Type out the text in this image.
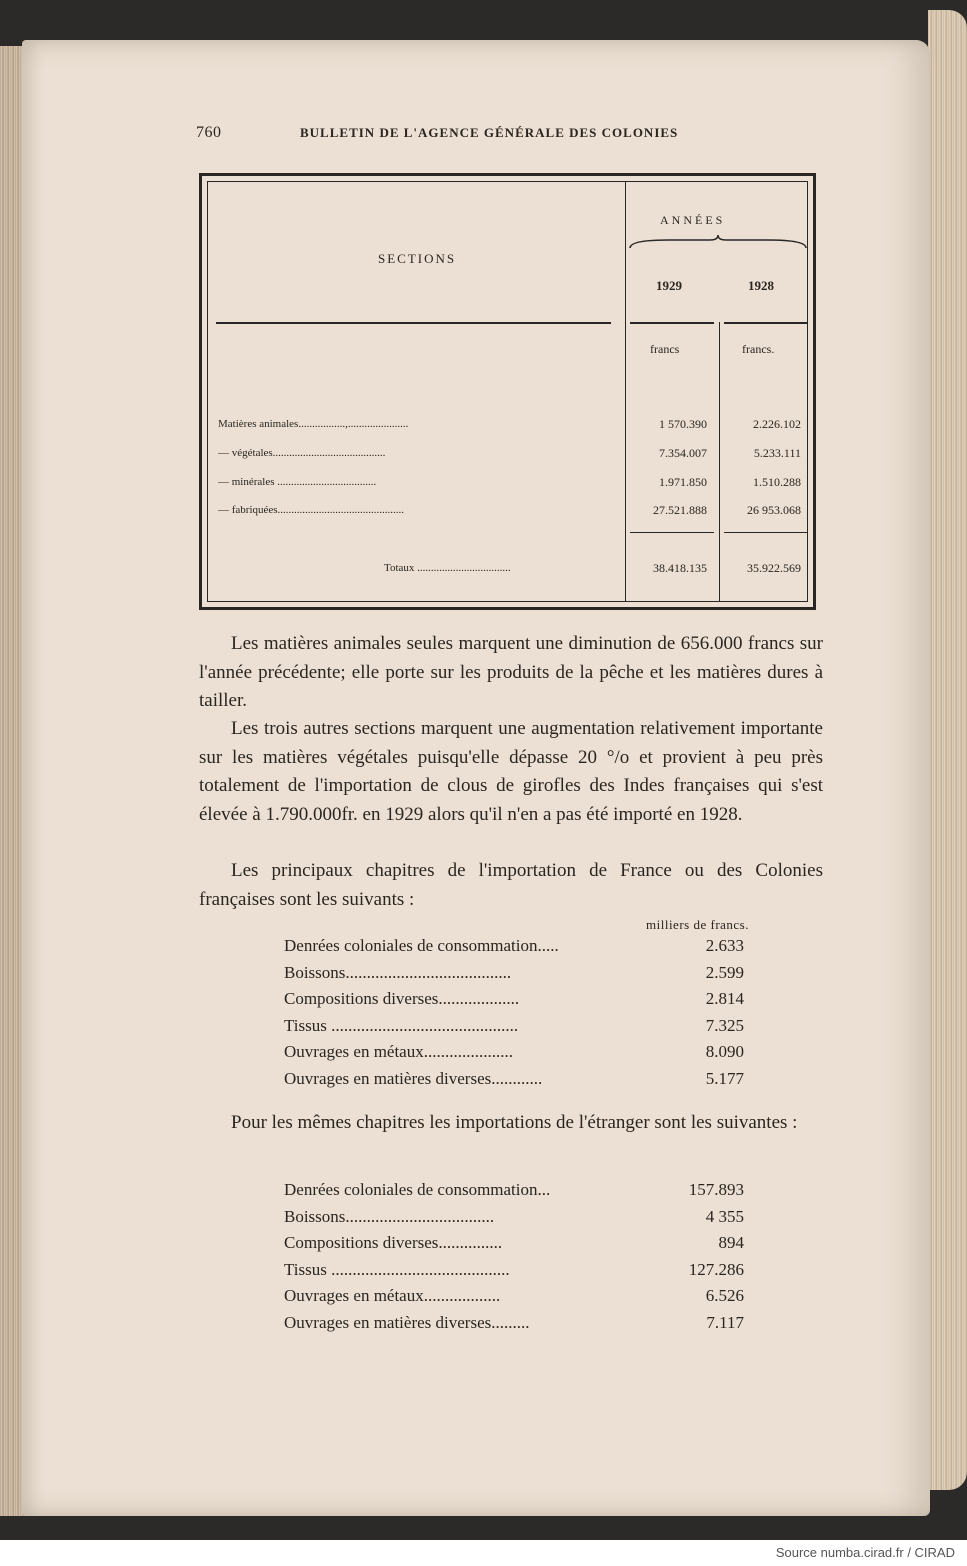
760	BULLETIN DE L'AGENCE GÉNÉRALE DES COLONIES
SECTIONS
ANNÉES
1929	1928
francs	francs.
Matières animales.................,......................	1 570.390	2.226.102
— végétales.........................................	7.354.007	5.233.111
— minérales ....................................	1.971.850	1.510.288
— fabriquées..............................................	27.521.888	26 953.068
Totaux ..................................	38.418.135	35.922.569
Les matières animales seules marquent une diminution de 656.000 francs sur l'année précédente; elle porte sur les produits de la pêche et les matières dures à tailler.
Les trois autres sections marquent une augmentation relativement importante sur les matières végétales puisqu'elle dépasse 20 °/o et provient à peu près totalement de l'importation de clous de girofles des Indes françaises qui s'est élevée à 1.790.000fr. en 1929 alors qu'il n'en a pas été importé en 1928.
Les principaux chapitres de l'importation de France ou des Colonies françaises sont les suivants :
milliers de francs.
Denrées coloniales de consommation.....	2.633
Boissons.......................................	2.599
Compositions diverses...................	2.814
Tissus ............................................	7.325
Ouvrages en métaux.....................	8.090
Ouvrages en matières diverses............	5.177
Pour les mêmes chapitres les importations de l'étranger sont les suivantes :
Denrées coloniales de consommation...	157.893
Boissons...................................	4 355
Compositions diverses...............	894
Tissus ..........................................	127.286
Ouvrages en métaux..................	6.526
Ouvrages en matières diverses.........	7.117
Source numba.cirad.fr / CIRAD
